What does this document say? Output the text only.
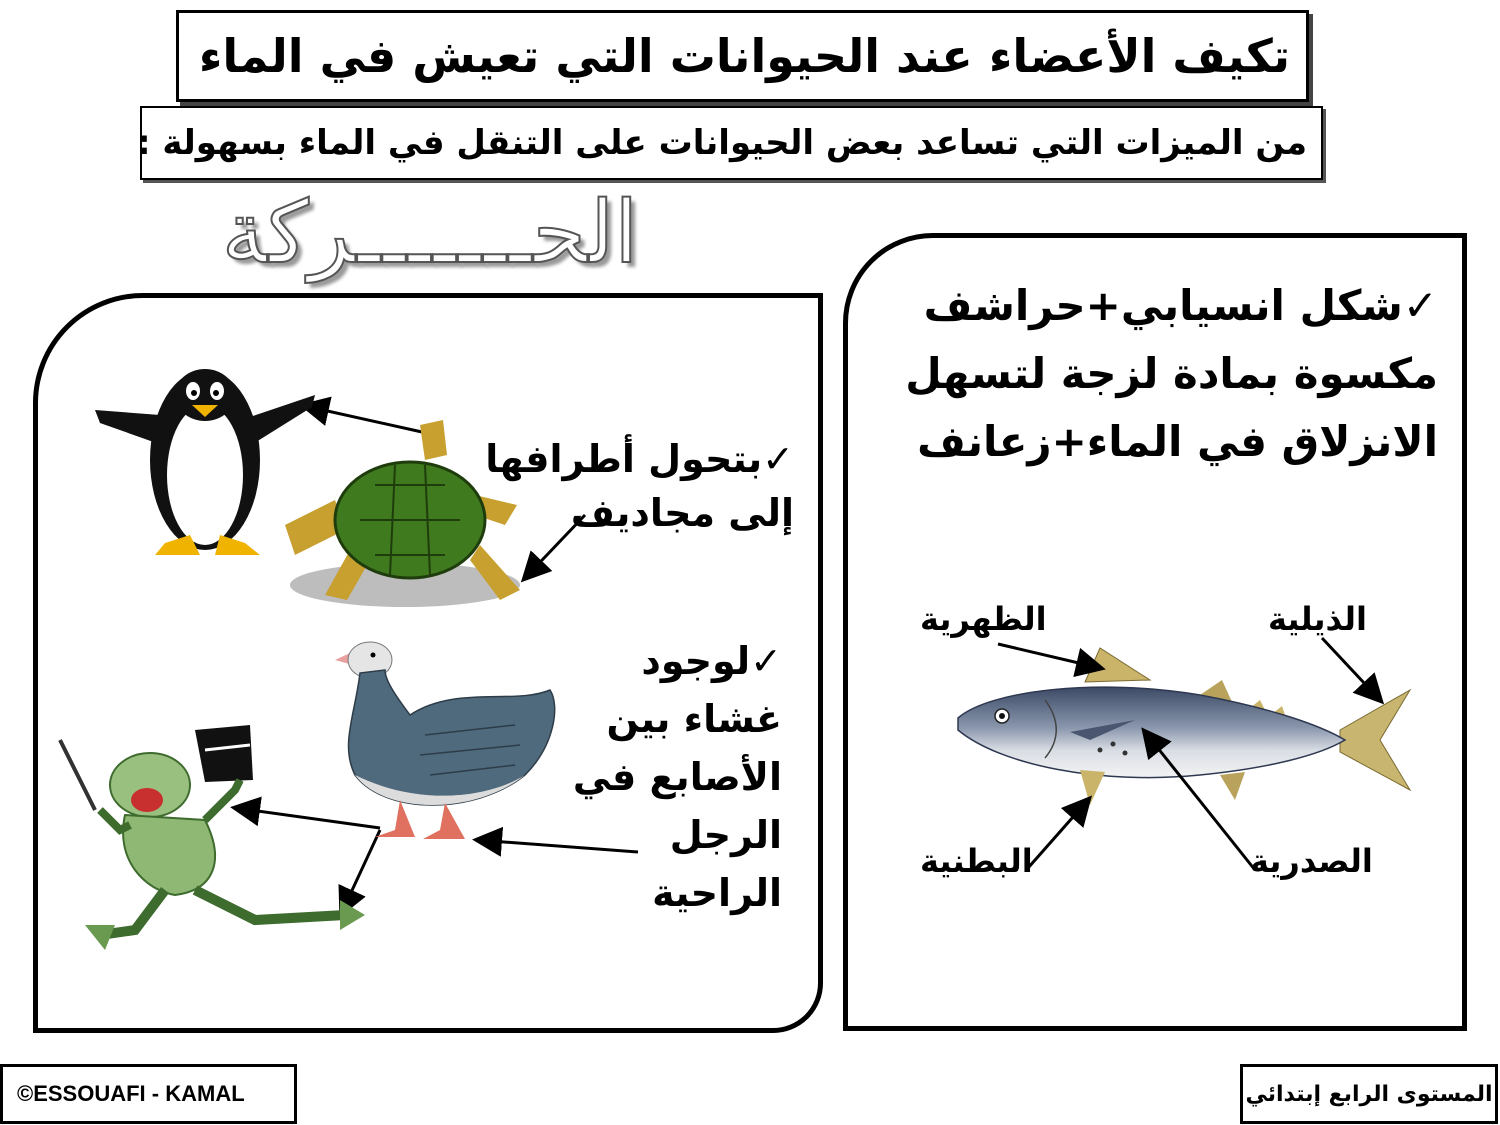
تكيف الأعضاء عند الحيوانات التي تعيش في الماء
من الميزات التي تساعد بعض الحيوانات على التنقل في الماء بسهولة :
الحـــــــركة
✓شكل انسيابي+حراشف
مكسوة بمادة لزجة لتسهل
الانزلاق في الماء+زعانف
الظهرية	الذيلية
البطنية	الصدرية
✓بتحول أطرافها
إلى مجاديف
✓لوجود
غشاء بين
الأصابع في
الرجل
الراحية
©ESSOUAFI - KAMAL	المستوى الرابع إبتدائي
